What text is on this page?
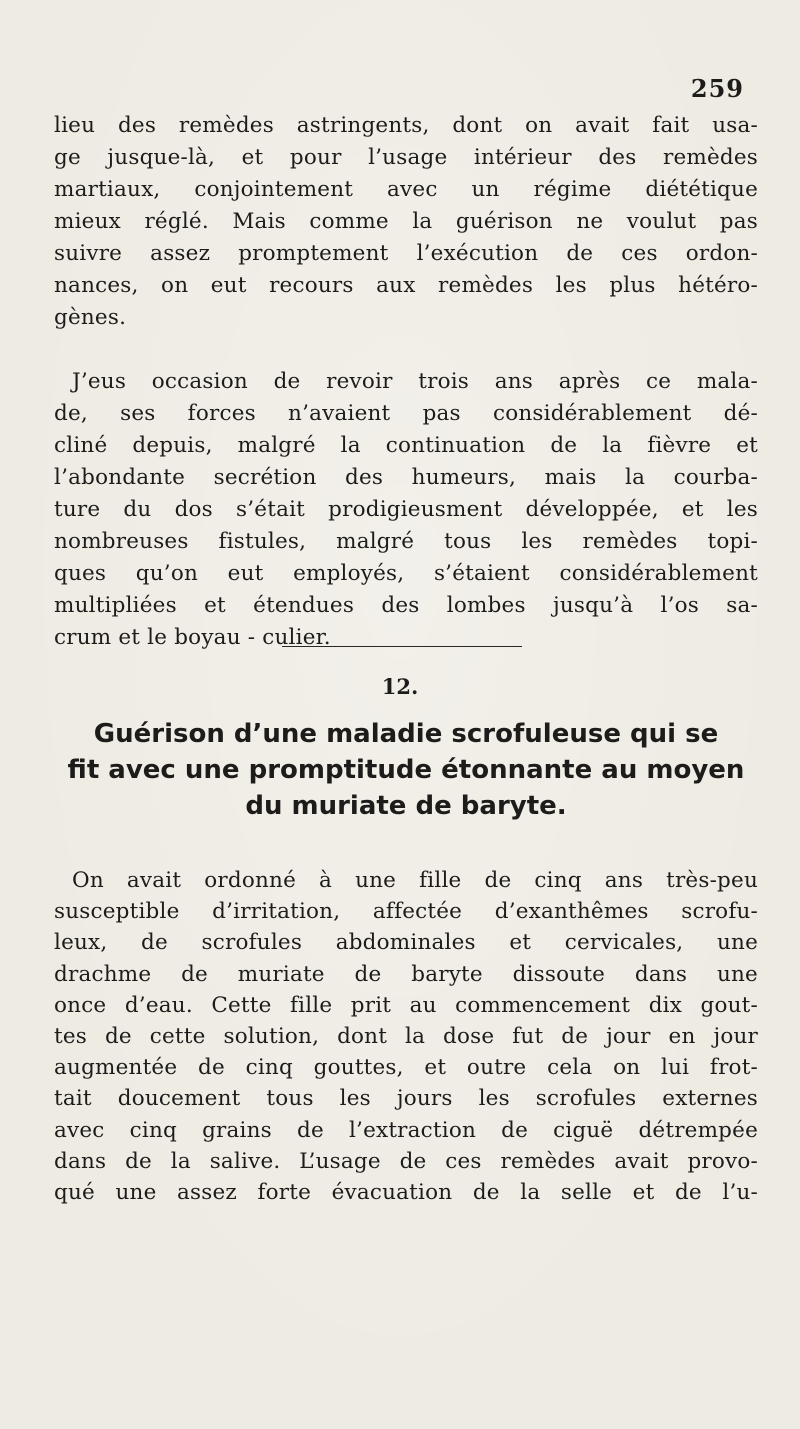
259
lieu des remèdes astringents, dont on avait fait usa-
ge jusque-là, et pour l’usage intérieur des remèdes
martiaux, conjointement avec un régime diététique
mieux réglé. Mais comme la guérison ne voulut pas
suivre assez promptement l’exécution de ces ordon-
nances, on eut recours aux remèdes les plus hétéro-
gènes.
J’eus occasion de revoir trois ans après ce mala-
de, ses forces n’avaient pas considérablement dé-
cliné depuis, malgré la continuation de la fièvre et
l’abondante secrétion des humeurs, mais la courba-
ture du dos s’était prodigieusment développée, et les
nombreuses fistules, malgré tous les remèdes topi-
ques qu’on eut employés, s’étaient considérablement
multipliées et étendues des lombes jusqu’à l’os sa-
crum et le boyau - culier.
12.
Guérison d’une maladie scrofuleuse qui se
fit avec une promptitude étonnante au moyen
du muriate de baryte.
On avait ordonné à une fille de cinq ans très-peu
susceptible d’irritation, affectée d’exanthêmes scrofu-
leux, de scrofules abdominales et cervicales, une
drachme de muriate de baryte dissoute dans une
once d’eau. Cette fille prit au commencement dix gout-
tes de cette solution, dont la dose fut de jour en jour
augmentée de cinq gouttes, et outre cela on lui frot-
tait doucement tous les jours les scrofules externes
avec cinq grains de l’extraction de ciguë détrempée
dans de la salive. L’usage de ces remèdes avait provo-
qué une assez forte évacuation de la selle et de l’u-
